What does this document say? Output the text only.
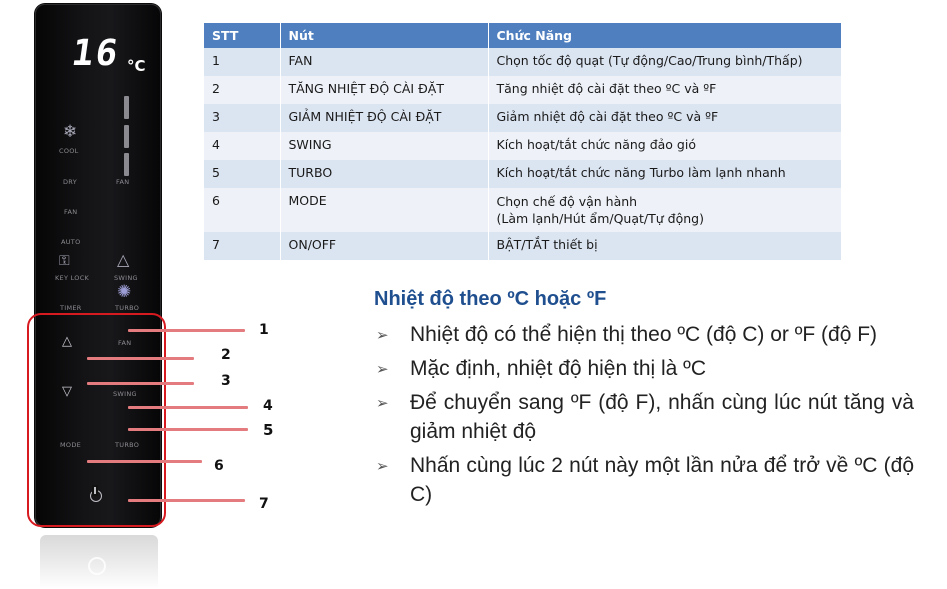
16 °C
FAN
❄
COOL
DRY
FAN
AUTO
⚿
KEY LOCK
△
SWING
✺
TIMER	TURBO
△
▽
FAN
SWING
MODE	TURBO
1
2
3
4
5
6
7
STT	Nút	Chức Năng
1	FAN	Chọn tốc độ quạt (Tự động/Cao/Trung bình/Thấp)
2	TĂNG NHIỆT ĐỘ CÀI ĐẶT	Tăng nhiệt độ cài đặt theo ºC và ºF
3	GIẢM NHIỆT ĐỘ CÀI ĐẶT	Giảm nhiệt độ cài đặt theo ºC và ºF
4	SWING	Kích hoạt/tắt chức năng đảo gió
5	TURBO	Kích hoạt/tắt chức năng Turbo làm lạnh nhanh
6	MODE	Chọn chế độ vận hành
(Làm lạnh/Hút ẩm/Quạt/Tự động)

7	ON/OFF	BẬT/TẮT thiết bị
Nhiệt độ theo ºC hoặc ºF
➢ Nhiệt độ có thể hiện thị theo ºC (độ C) or ºF (độ F)
➢ Mặc định, nhiệt độ hiện thị là ºC
➢ Để chuyển sang ºF (độ F), nhấn cùng lúc nút tăng và giảm nhiệt độ
➢ Nhấn cùng lúc 2 nút này một lần nửa để trở về ºC (độ C)
